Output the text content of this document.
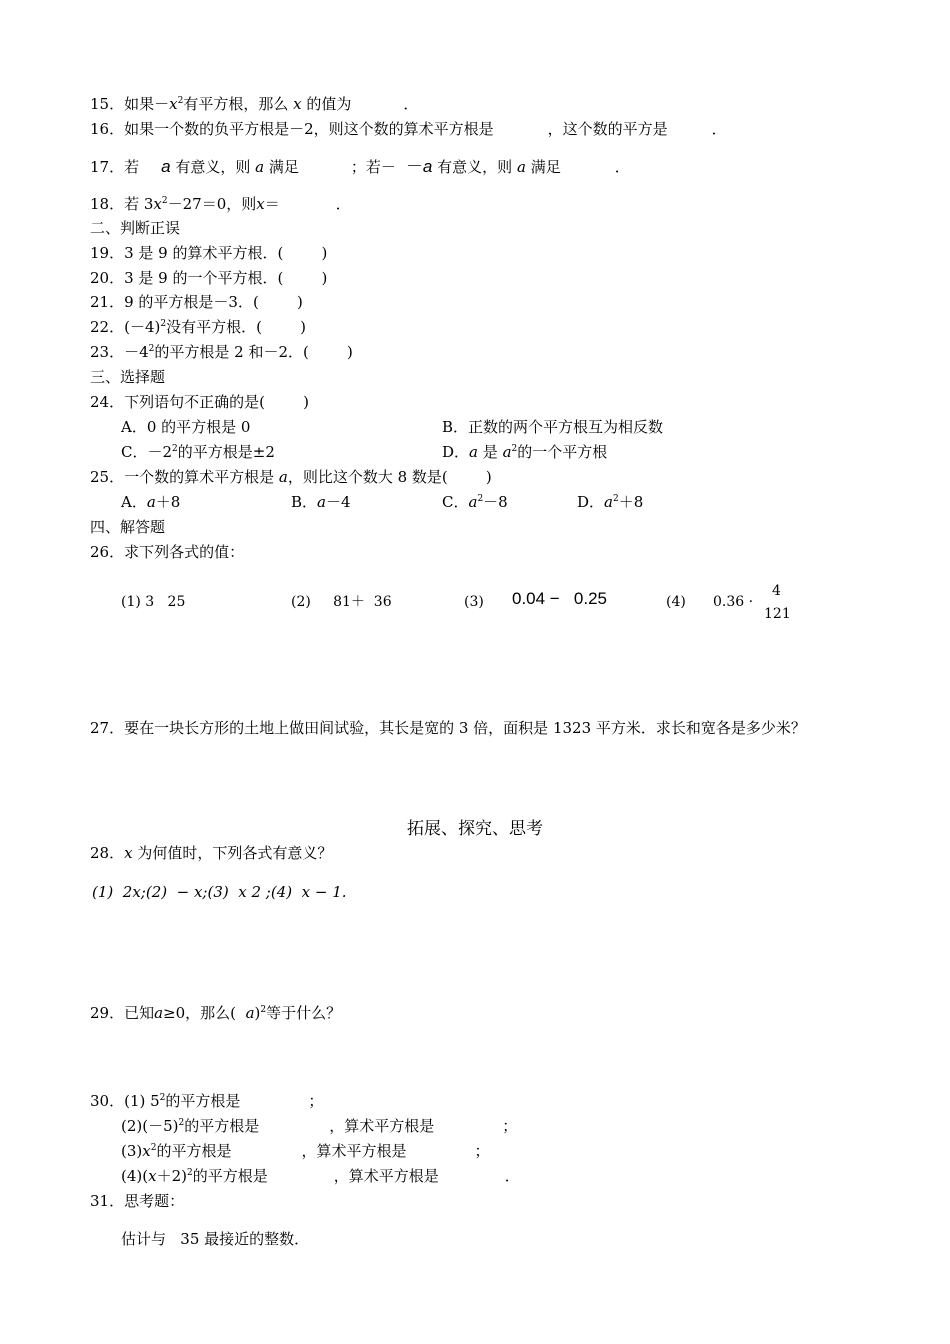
15．如果$-x^2$有平方根，那么 x 的值为	．
16．如果一个数的负平方根是－2，则这个数的算术平方根是	，这个数的平方是	．
17．若 a 有意义，则 a 满足	；若－ －a 有意义，则 a 满足	．
18．若 $3x^2-27=0$，则x＝	．
二、判断正误
19．3 是 9 的算术平方根．(        )
20．3 是 9 的一个平方根．(        )
21．9 的平方根是－3．(        )
22．$(-4)^2$没有平方根．(        )
23．$-4^2$的平方根是 2 和－2．(        )
三、选择题
24．下列语句不正确的是(        )
A．0 的平方根是 0	B．正数的两个平方根互为相反数
C．$-2^2$的平方根是±2	D．a 是 $a^2$的一个平方根
25．一个数的算术平方根是 a，则比这个数大 8 数是(        )
A．a＋8	B．a－4	C．$a^2-8$	D．$a^2+8$
四、解答题
26．求下列各式的值：
(1) 3   25	(2)     81＋  36	(3) 0.04 −   0.25	(4) 0.36 ·
4
121
27．要在一块长方形的土地上做田间试验，其长是宽的 3 倍，面积是 1323 平方米．求长和宽各是多少米？
拓展、探究、思考
28．x 为何值时，下列各式有意义？
(1)  2x;(2)  − x;(3)  x 2 ;(4)  x − 1.
29．已知a≥0，那么(  a)$^2$等于什么？
30．(1) $5^2$的平方根是	；
$(2)(-5)^2$的平方根是	，算术平方根是	；
$(3)x^2$的平方根是	，算术平方根是	；
$(4)(x+2)^2$的平方根是	，算术平方根是	．
31．思考题：
估计与   35 最接近的整数．
